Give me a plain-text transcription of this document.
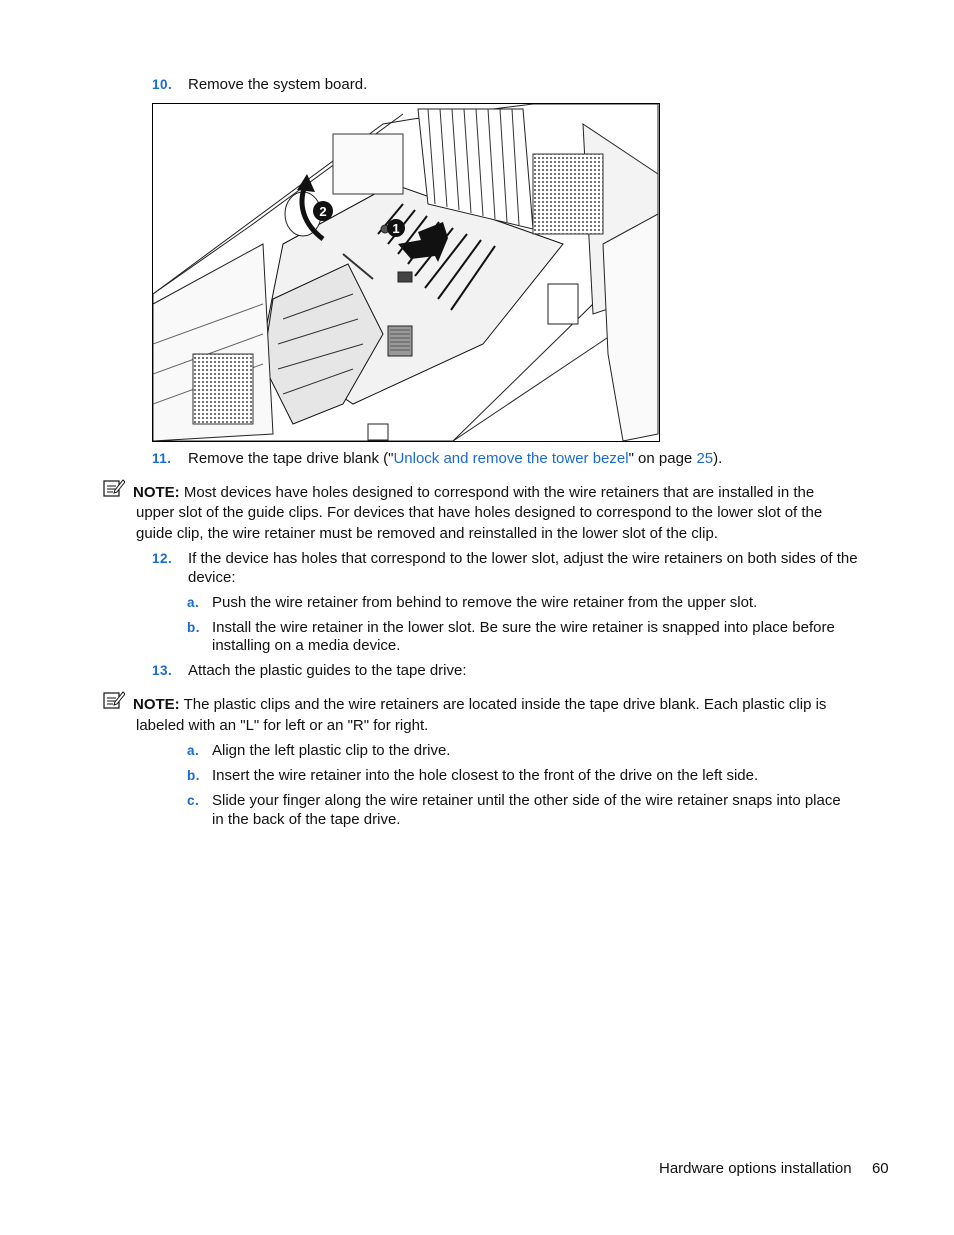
10. Remove the system board.
1
2
11. Remove the tape drive blank ("Unlock and remove the tower bezel" on page 25).
NOTE: Most devices have holes designed to correspond with the wire retainers that are installed in the
upper slot of the guide clips. For devices that have holes designed to correspond to the lower slot of the
guide clip, the wire retainer must be removed and reinstalled in the lower slot of the clip.
12. If the device has holes that correspond to the lower slot, adjust the wire retainers on both sides of the
device:
a. Push the wire retainer from behind to remove the wire retainer from the upper slot.
b. Install the wire retainer in the lower slot. Be sure the wire retainer is snapped into place before
installing on a media device.
13. Attach the plastic guides to the tape drive:
NOTE: The plastic clips and the wire retainers are located inside the tape drive blank. Each plastic clip is
labeled with an "L" for left or an "R" for right.
a. Align the left plastic clip to the drive.
b. Insert the wire retainer into the hole closest to the front of the drive on the left side.
c. Slide your finger along the wire retainer until the other side of the wire retainer snaps into place
in the back of the tape drive.
Hardware options installation 60
